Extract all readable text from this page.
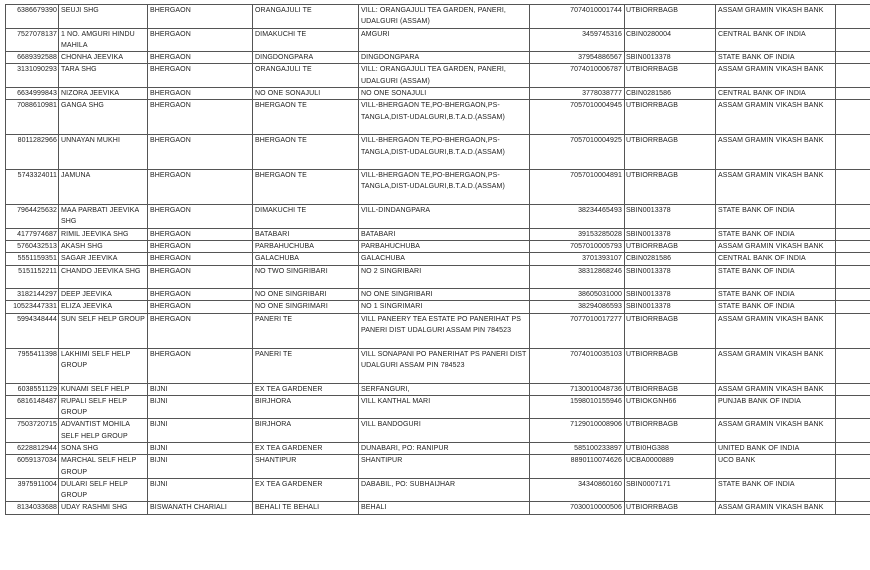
6386679390	SEUJI SHG	BHERGAON	ORANGAJULI TE	VILL: ORANGAJULI TEA GARDEN, PANERI, UDALGURI (ASSAM)	7074010001744	UTBIORRBAGB	ASSAM GRAMIN VIKASH BANK	
7527078137	1 NO. AMGURI HINDU MAHILA	BHERGAON	DIMAKUCHI TE	AMGURI	3459745316	CBIN0280004	CENTRAL BANK OF INDIA	
6689392588	CHONHA JEEVIKA	BHERGAON	DINGDONGPARA	DINGDONGPARA	37954886567	SBIN0013378	STATE BANK OF INDIA	
3131090293	TARA SHG	BHERGAON	ORANGAJULI TE	VILL: ORANGAJULI TEA GARDEN, PANERI, UDALGURI (ASSAM)	7074010006787	UTBIORRBAGB	ASSAM GRAMIN VIKASH BANK	
6634999843	NIZORA JEEVIKA	BHERGAON	NO ONE SONAJULI	NO ONE SONAJULI	3778038777	CBIN0281586	CENTRAL BANK OF INDIA	
7088610981	GANGA SHG	BHERGAON	BHERGAON TE	VILL-BHERGAON TE,PO-BHERGAON,PS-TANGLA,DIST-UDALGURI,B.T.A.D.(ASSAM)	7057010004945	UTBIORRBAGB	ASSAM GRAMIN VIKASH BANK	
8011282966	UNNAYAN MUKHI	BHERGAON	BHERGAON TE	VILL-BHERGAON TE,PO-BHERGAON,PS-TANGLA,DIST-UDALGURI,B.T.A.D.(ASSAM)	7057010004925	UTBIORRBAGB	ASSAM GRAMIN VIKASH BANK	
5743324011	JAMUNA	BHERGAON	BHERGAON TE	VILL-BHERGAON TE,PO-BHERGAON,PS-TANGLA,DIST-UDALGURI,B.T.A.D.(ASSAM)	7057010004891	UTBIORRBAGB	ASSAM GRAMIN VIKASH BANK	
7964425632	MAA PARBATI JEEVIKA SHG	BHERGAON	DIMAKUCHI TE	VILL-DINDANGPARA	38234465493	SBIN0013378	STATE BANK OF INDIA	
4177974687	RIMIL JEEVIKA SHG	BHERGAON	BATABARI	BATABARI	39153285028	SBIN0013378	STATE BANK OF INDIA	
5760432513	AKASH SHG	BHERGAON	PARBAHUCHUBA	PARBAHUCHUBA	7057010005793	UTBIORRBAGB	ASSAM GRAMIN VIKASH BANK	
5551159351	SAGAR JEEVIKA	BHERGAON	GALACHUBA	GALACHUBA	3701393107	CBIN0281586	CENTRAL BANK OF INDIA	
5151152211	CHANDO JEEVIKA SHG	BHERGAON	NO TWO SINGRIBARI	NO 2 SINGRIBARI	38312868246	SBIN0013378	STATE BANK OF INDIA	
3182144297	DEEP JEEVIKA	BHERGAON	NO ONE SINGRIBARI	NO ONE SINGRIBARI	38605031000	SBIN0013378	STATE BANK OF INDIA	
10523447331	ELIZA JEEVIKA	BHERGAON	NO ONE SINGRIMARI	NO 1 SINGRIMARI	38294086593	SBIN0013378	STATE BANK OF INDIA	
5994348444	SUN SELF HELP GROUP	BHERGAON	PANERI TE	VILL PANEERY TEA ESTATE PO PANERIHAT PS PANERI DIST UDALGURI ASSAM PIN 784523	7077010017277	UTBIORRBAGB	ASSAM GRAMIN VIKASH BANK	
7955411398	LAKHIMI SELF HELP GROUP	BHERGAON	PANERI TE	VILL SONAPANI PO PANERIHAT PS PANERI DIST UDALGURI ASSAM PIN 784523	7074010035103	UTBIORRBAGB	ASSAM GRAMIN VIKASH BANK	
6038551129	KUNAMI SELF HELP	BIJNI	EX TEA GARDENER	SERFANGURI,	7130010048736	UTBIORRBAGB	ASSAM GRAMIN VIKASH BANK	
6816148487	RUPALI SELF HELP GROUP	BIJNI	BIRJHORA	VILL KANTHAL MARI	1598010155946	UTBIOKGNH66	PUNJAB BANK OF INDIA	
7503720715	ADVANTIST MOHILA SELF HELP GROUP	BIJNI	BIRJHORA	VILL BANDOGURI	7129010008906	UTBIORRBAGB	ASSAM GRAMIN VIKASH BANK	
6228812944	SONA SHG	BIJNI	EX TEA GARDENER	DUNABARI, PO: RANIPUR	585100233897	UTBI0HG388	UNITED BANK OF INDIA	
6059137034	MARCHAL SELF HELP GROUP	BIJNI	SHANTIPUR	SHANTIPUR	8890110074626	UCBA0000889	UCO BANK	
3975911004	DULARI SELF HELP GROUP	BIJNI	EX TEA GARDENER	DABABIL, PO: SUBHAIJHAR	34340860160	SBIN0007171	STATE BANK OF INDIA	
8134033688	UDAY RASHMI SHG	BISWANATH CHARIALI	BEHALI TE BEHALI	BEHALI	7030010000506	UTBIORRBAGB	ASSAM GRAMIN VIKASH BANK	
